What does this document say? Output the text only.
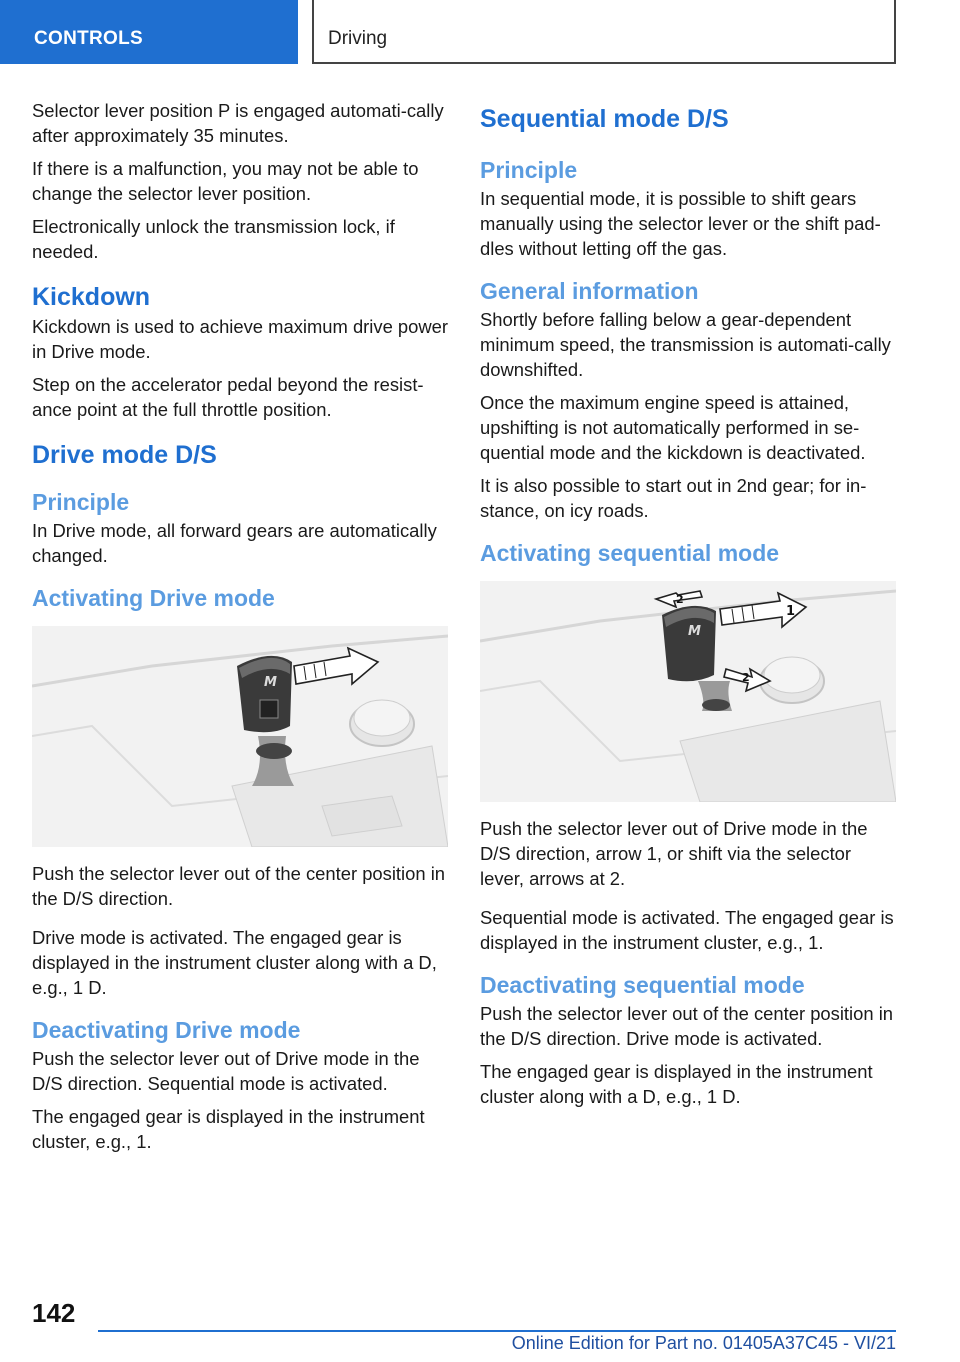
CONTROLS	Driving

Selector lever position P is engaged automati‐cally after approximately 35 minutes.

If there is a malfunction, you may not be able to change the selector lever position.

Electronically unlock the transmission lock, if needed.

Kickdown

Kickdown is used to achieve maximum drive power in Drive mode.

Step on the accelerator pedal beyond the resist‐ance point at the full throttle position.

Drive mode D/S
Principle

In Drive mode, all forward gears are automatically changed.

Activating Drive mode
M

Push the selector lever out of the center position in the D/S direction.

Drive mode is activated. The engaged gear is displayed in the instrument cluster along with a D, e.g., 1 D.

Deactivating Drive mode

Push the selector lever out of Drive mode in the D/S direction. Sequential mode is activated.

The engaged gear is displayed in the instrument cluster, e.g., 1.

Sequential mode D/S
Principle

In sequential mode, it is possible to shift gears manually using the selector lever or the shift pad‐dles without letting off the gas.

General information

Shortly before falling below a gear-dependent minimum speed, the transmission is automati‐cally downshifted.

Once the maximum engine speed is attained, upshifting is not automatically performed in se‐quential mode and the kickdown is deactivated.

It is also possible to start out in 2nd gear; for in‐stance, on icy roads.

Activating sequential mode
M
1
2
2

Push the selector lever out of Drive mode in the D/S direction, arrow 1, or shift via the selector lever, arrows at 2.

Sequential mode is activated. The engaged gear is displayed in the instrument cluster, e.g., 1.

Deactivating sequential mode

Push the selector lever out of the center position in the D/S direction. Drive mode is activated.

The engaged gear is displayed in the instrument cluster along with a D, e.g., 1 D.

142
Online Edition for Part no. 01405A37C45 - VI/21
